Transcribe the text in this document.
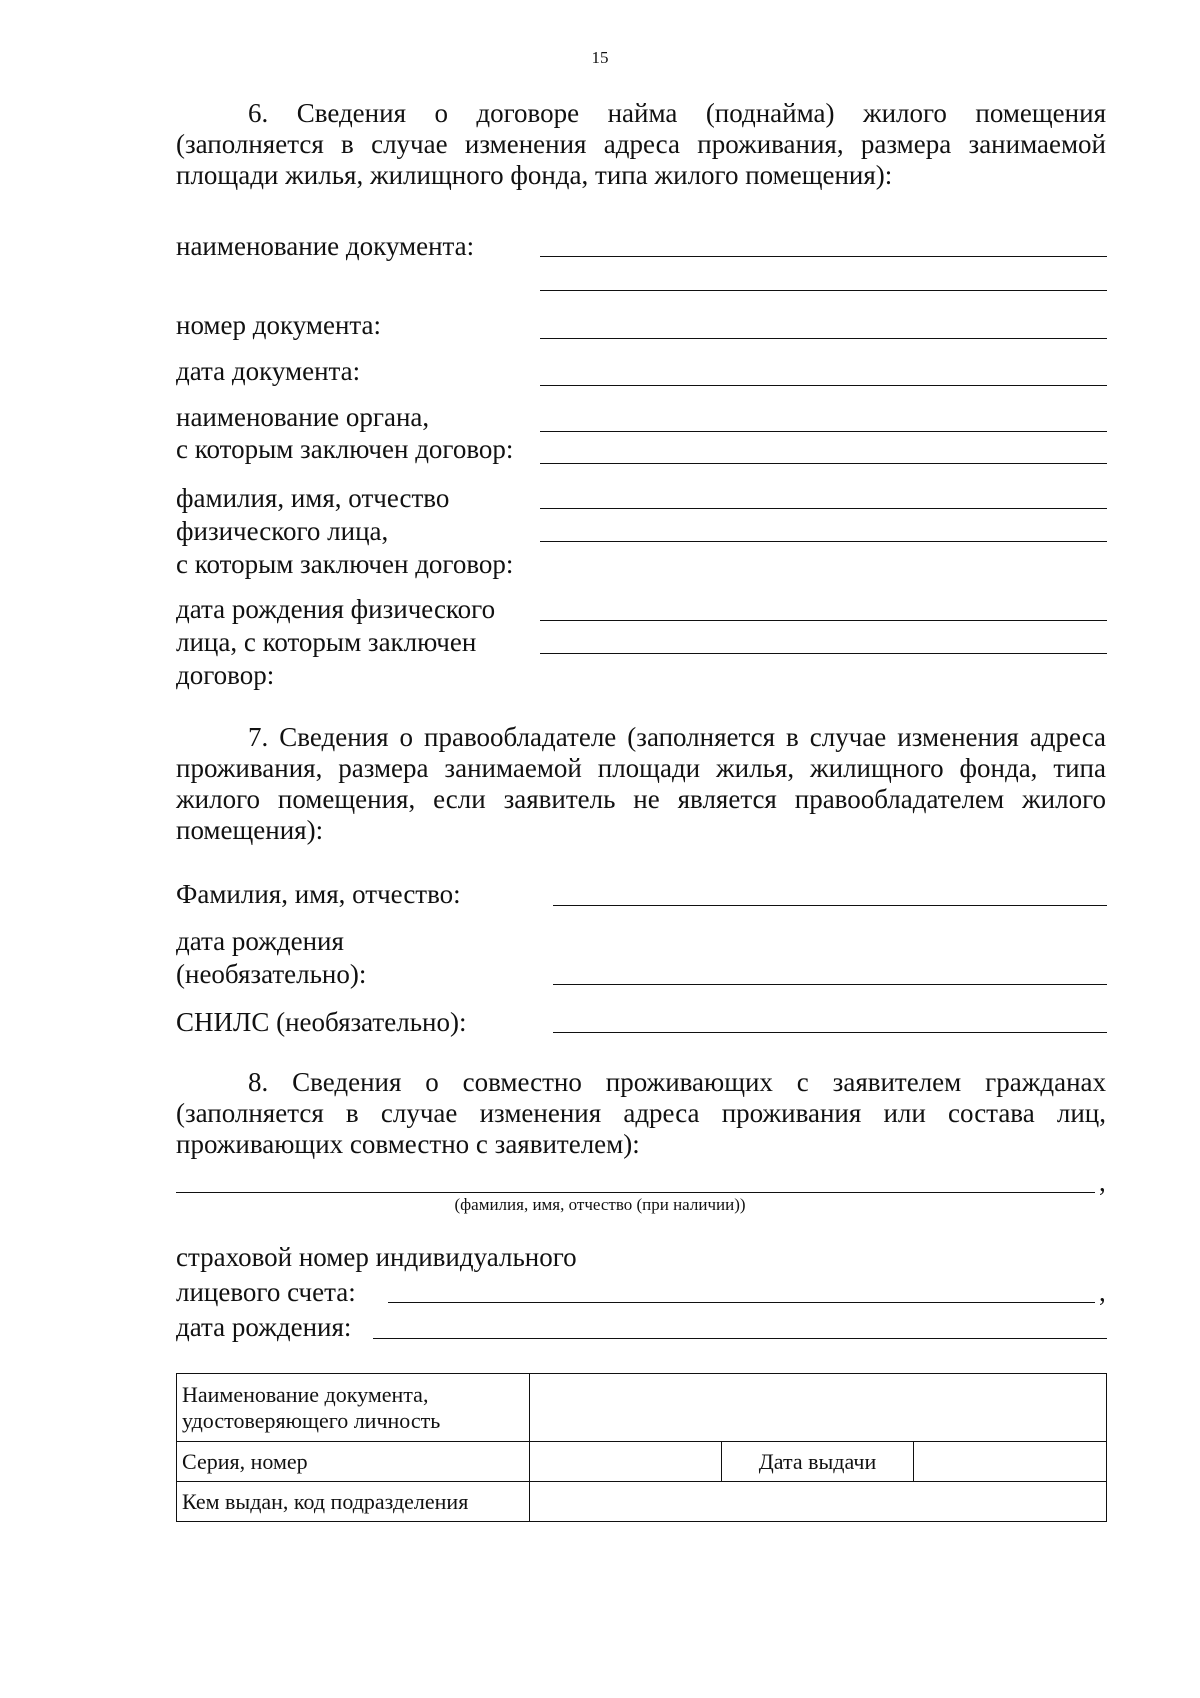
15
6. Сведения о договоре найма (поднайма) жилого помещения (заполняется в случае изменения адреса проживания, размера занимаемой площади жилья, жилищного фонда, типа жилого помещения):
наименование документа:
номер документа:
дата документа:
наименование органа,
с которым заключен договор:
фамилия, имя, отчество
физического лица,
с которым заключен договор:
дата рождения физического
лица, с которым заключен
договор:
7. Сведения о правообладателе (заполняется в случае изменения адреса проживания, размера занимаемой площади жилья, жилищного фонда, типа жилого помещения, если заявитель не является правообладателем жилого помещения):
Фамилия, имя, отчество:
дата рождения
(необязательно):
СНИЛС (необязательно):
8. Сведения о совместно проживающих с заявителем гражданах (заполняется в случае изменения адреса проживания или состава лиц, проживающих совместно с заявителем):
,
(фамилия, имя, отчество (при наличии))
страховой номер индивидуального
лицевого счета:	,
дата рождения:
Наименование документа, удостоверяющего личность			
Серия, номер		Дата выдачи	
Кем выдан, код подразделения			
